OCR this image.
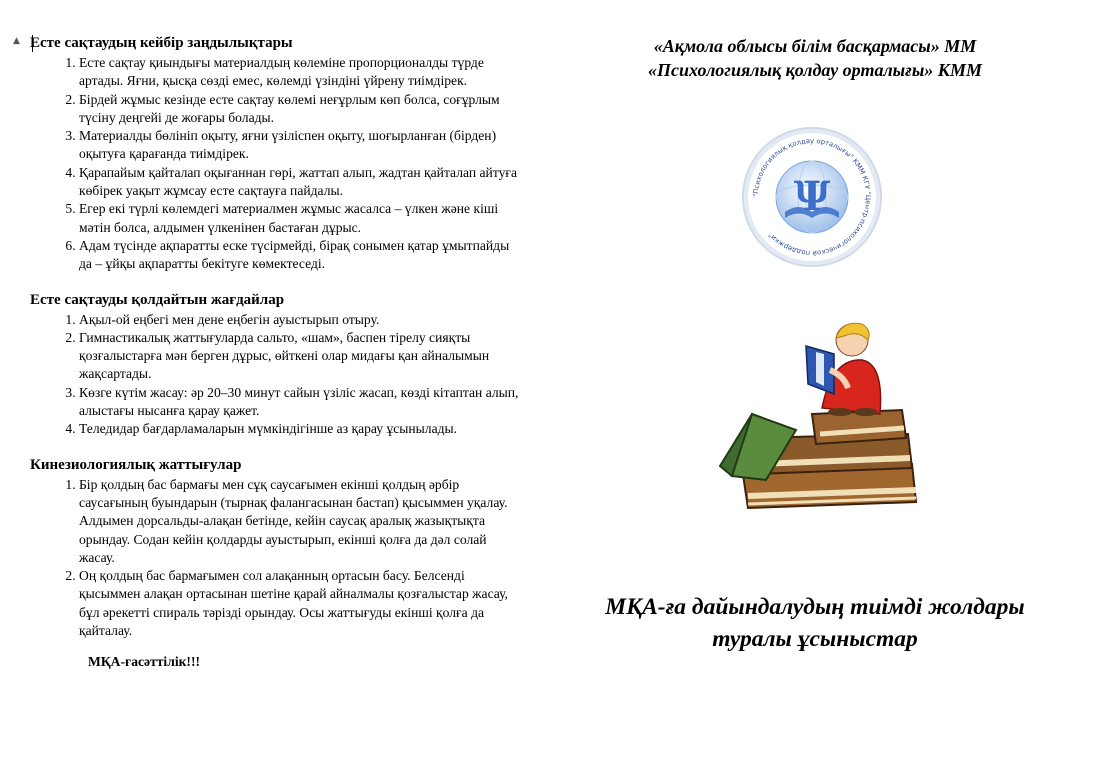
▲ Есте сақтаудың кейбір заңдылықтары
1. Есте сақтау қиындығы материалдың көлеміне пропорционалды түрде артады. Яғни, қысқа сөзді емес, көлемді үзіндіні үйрену тиімдірек.
2. Бірдей жұмыс кезінде есте сақтау көлемі неғұрлым көп болса, соғұрлым түсіну деңгейі де жоғары болады.
3. Материалды бөлініп оқыту, яғни үзіліспен оқыту, шоғырланған (бірден) оқытуға қарағанда тиімдірек.
4. Қарапайым қайталап оқығаннан гөрі, жаттап алып, жадтан қайталап айтуға көбірек уақыт жұмсау есте сақтауға пайдалы.
5. Егер екі түрлі көлемдегі материалмен жұмыс жасалса – үлкен және кіші мәтін болса, алдымен үлкенінен бастаған дұрыс.
6. Адам түсінде ақпаратты еске түсірмейді, бірақ сонымен қатар ұмытпайды да – ұйқы ақпаратты бекітуге көмектеседі.
Есте сақтауды қолдайтын жағдайлар
1. Ақыл-ой еңбегі мен дене еңбегін ауыстырып отыру.
2. Гимнастикалық жаттығуларда сальто, «шам», баспен тірелу сияқты қозғалыстарға мән берген дұрыс, өйткені олар мидағы қан айналымын жақсартады.
3. Көзге күтім жасау: әр 20–30 минут сайын үзіліс жасап, көзді кітаптан алып, алыстағы нысанға қарау қажет.
4. Теледидар бағдарламаларын мүмкіндігінше аз қарау ұсынылады.
Кинезиологиялық жаттығулар
1. Бір қолдың бас бармағы мен сұқ саусағымен екінші қолдың әрбір саусағының буындарын (тырнақ фалангасынан бастап) қысыммен уқалау. Алдымен дорсальды-алақан бетінде, кейін саусақ аралық жазықтықта орындау. Содан кейін қолдарды ауыстырып, екінші қолға да дәл солай жасау.
2. Оң қолдың бас бармағымен сол алақанның ортасын басу. Белсенді қысыммен алақан ортасынан шетіне қарай айналмалы қозғалыстар жасау, бұл әрекетті спираль тәрізді орындау. Осы жаттығуды екінші қолға да қайталау.
МҚА-ғасәттілік!!!
«Ақмола облысы білім басқармасы» ММ
«Психологиялық қолдау орталығы» КММ
"Психологиялық қолдау орталығы" КММ КГУ "Центр психологической поддержки"
Ψ
МҚА-ға дайындалудың тиімді жолдары
туралы ұсыныстар
